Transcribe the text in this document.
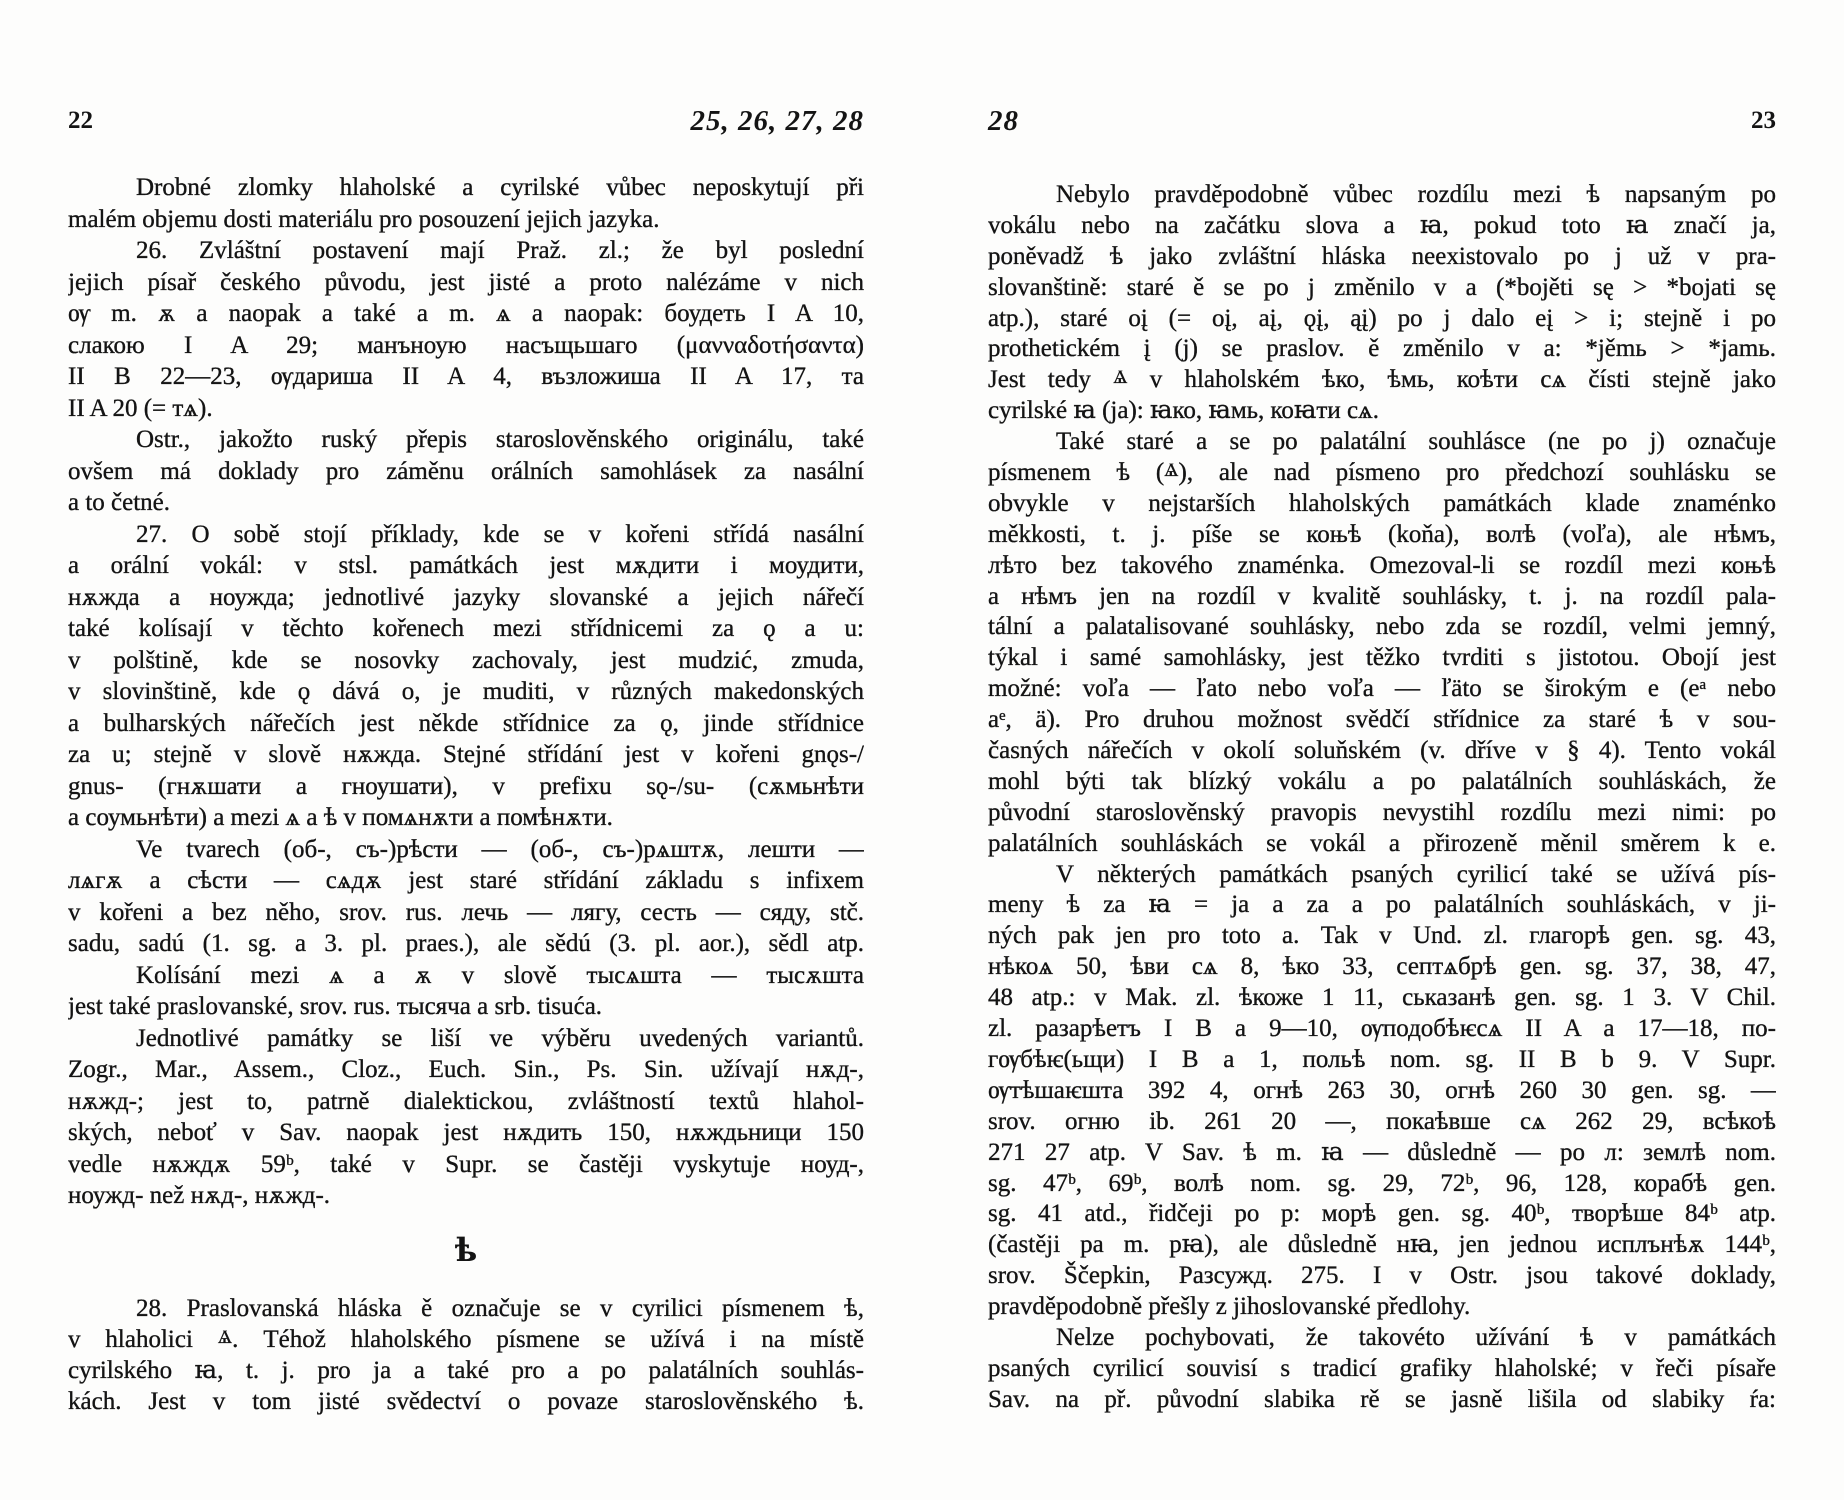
22	25, 26, 27, 28
Drobné zlomky hlaholské a cyrilské vůbec neposkytují při
malém objemu dosti materiálu pro posouzení jejich jazyka.
26. Zvláštní postavení mají Praž. zl.; že byl poslední
jejich písař českého původu, jest jisté a proto nalézáme v nich
ѹ m. ѫ a naopak a také а m. ѧ a naopak: боудеть I A 10,
слакою I A 29; манъноую насъщьшаго (μανναδοτήσαντα)
II B 22—23, ѹдариша II A 4, възложиша II A 17, та
II A 20 (= тѧ).
Ostr., jakožto ruský přepis staroslověnského originálu, také
ovšem má doklady pro záměnu orálních samohlásek za nasální
a to četné.
27. O sobě stojí příklady, kde se v kořeni střídá nasální
a orální vokál: v stsl. památkách jest мѫдити i моудити,
нѫжда a ноужда; jednotlivé jazyky slovanské a jejich nářečí
také kolísají v těchto kořenech mezi střídnicemi za ǫ a u:
v polštině, kde se nosovky zachovaly, jest mudzić, zmuda,
v slovinštině, kde ǫ dává o, je muditi, v různých makedonských
a bulharských nářečích jest někde střídnice za ǫ, jinde střídnice
za u; stejně v slově нѫжда. Stejné střídání jest v kořeni gnǫs-/
gnus- (гнѫшати a гноушати), v prefixu sǫ-/su- (сѫмьнѣти
a соумьнѣти) a mezi ѧ a ѣ v помѧнѫти a помѣнѫти.
Ve tvarech (об-, съ-)рѣсти — (об-, съ-)рѧштѫ, лешти —
лѧгѫ a сѣсти — сѧдѫ jest staré střídání základu s infixem
v kořeni a bez něho, srov. rus. лечь — лягу, сесть — сяду, stč.
sadu, sadú (1. sg. a 3. pl. praes.), ale sědú (3. pl. aor.), sědl atp.
Kolísání mezi ѧ a ѫ v slově тысѧшта — тысѫшта
jest také praslovanské, srov. rus. тысяча a srb. tisuća.
Jednotlivé památky se liší ve výběru uvedených variantů.
Zogr., Mar., Assem., Cloz., Euch. Sin., Ps. Sin. užívají нѫд-,
нѫжд-; jest to, patrně dialektickou, zvláštností textů hlahol-
ských, neboť v Sav. naopak jest нѫдить 150, нѫждьници 150
vedle нѫждѫ 59ᵇ, také v Supr. se častěji vyskytuje ноуд-,
ноужд- než нѫд-, нѫжд-.
ѣ
28. Praslovanská hláska ě označuje se v cyrilici písmenem ѣ,
v hlaholici ⱑ. Téhož hlaholského písmene se užívá i na místě
cyrilského ꙗ, t. j. pro ja a také pro a po palatálních souhlás-
kách. Jest v tom jisté svědectví o povaze staroslověnského ѣ.
28	23
Nebylo pravděpodobně vůbec rozdílu mezi ѣ napsaným po
vokálu nebo na začátku slova a ꙗ, pokud toto ꙗ značí ja,
poněvadž ѣ jako zvláštní hláska neexistovalo po j už v pra-
slovanštině: staré ě se po j změnilo v a (*bojěti sę > *bojati sę
atp.), staré oį (= oį, aį, ǫį, ąį) po j dalo eį > i; stejně i po
prothetickém į (j) se praslov. ě změnilo v a: *jěmь > *jamь.
Jest tedy ⱑ v hlaholském ѣко, ѣмь, коѣти сѧ čísti stejně jako
cyrilské ꙗ (ja): ꙗко, ꙗмь, коꙗти сѧ.
Také staré a se po palatální souhlásce (ne po j) označuje
písmenem ѣ (ⱑ), ale nad písmeno pro předchozí souhlásku se
obvykle v nejstarších hlaholských památkách klade znaménko
měkkosti, t. j. píše se коњѣ (koňa), волѣ (voľa), ale нѣмъ,
лѣто bez takového znaménka. Omezoval-li se rozdíl mezi коњѣ
a нѣмъ jen na rozdíl v kvalitě souhlásky, t. j. na rozdíl pala-
tální a palatalisované souhlásky, nebo zda se rozdíl, velmi jemný,
týkal i samé samohlásky, jest těžko tvrditi s jistotou. Obojí jest
možné: voľa — ľato nebo voľa — ľäto se širokým e (eᵃ nebo
aᵉ, ä). Pro druhou možnost svědčí střídnice za staré ѣ v sou-
časných nářečích v okolí soluňském (v. dříve v § 4). Tento vokál
mohl býti tak blízký vokálu a po palatálních souhláskách, že
původní staroslověnský pravopis nevystihl rozdílu mezi nimi: po
palatálních souhláskách se vokál a přirozeně měnil směrem k e.
V některých památkách psaných cyrilicí také se užívá pís-
meny ѣ za ꙗ = ja a za а po palatálních souhláskách, v ji-
ných pak jen pro toto а. Tak v Und. zl. глагорѣ gen. sg. 43,
нѣкоѧ 50, ѣви сѧ 8, ѣко 33, септѧбрѣ gen. sg. 37, 38, 47,
48 atp.: v Mak. zl. ѣкоже 1 11, ськазанѣ gen. sg. 1 3. V Chil.
zl. разарѣетъ I B a 9—10, ѹподобѣѥсѧ II A a 17—18, по-
гѹбѣѥ(ьщи) I B a 1, польѣ nom. sg. II B b 9. V Supr.
ѹтѣшаѥшта 392 4, огнѣ 263 30, огнѣ 260 30 gen. sg. —
srov. огню ib. 261 20 —, покаѣвше сѧ 262 29, всѣкоѣ
271 27 atp. V Sav. ѣ m. ꙗ — důsledně — po л: землѣ nom.
sg. 47ᵇ, 69ᵇ, волѣ nom. sg. 29, 72ᵇ, 96, 128, корабѣ gen.
sg. 41 atd., řidčeji po р: морѣ gen. sg. 40ᵇ, творѣше 84ᵇ atp.
(častěji ра m. рꙗ), ale důsledně нꙗ, jen jednou исплънѣѫ 144ᵇ,
srov. Ščepkin, Разсужд. 275. I v Ostr. jsou takové doklady,
pravděpodobně přešly z jihoslovanské předlohy.
Nelze pochybovati, že takovéto užívání ѣ v památkách
psaných cyrilicí souvisí s tradicí grafiky hlaholské; v řeči písaře
Sav. na př. původní slabika rě se jasně lišila od slabiky ŕa:
